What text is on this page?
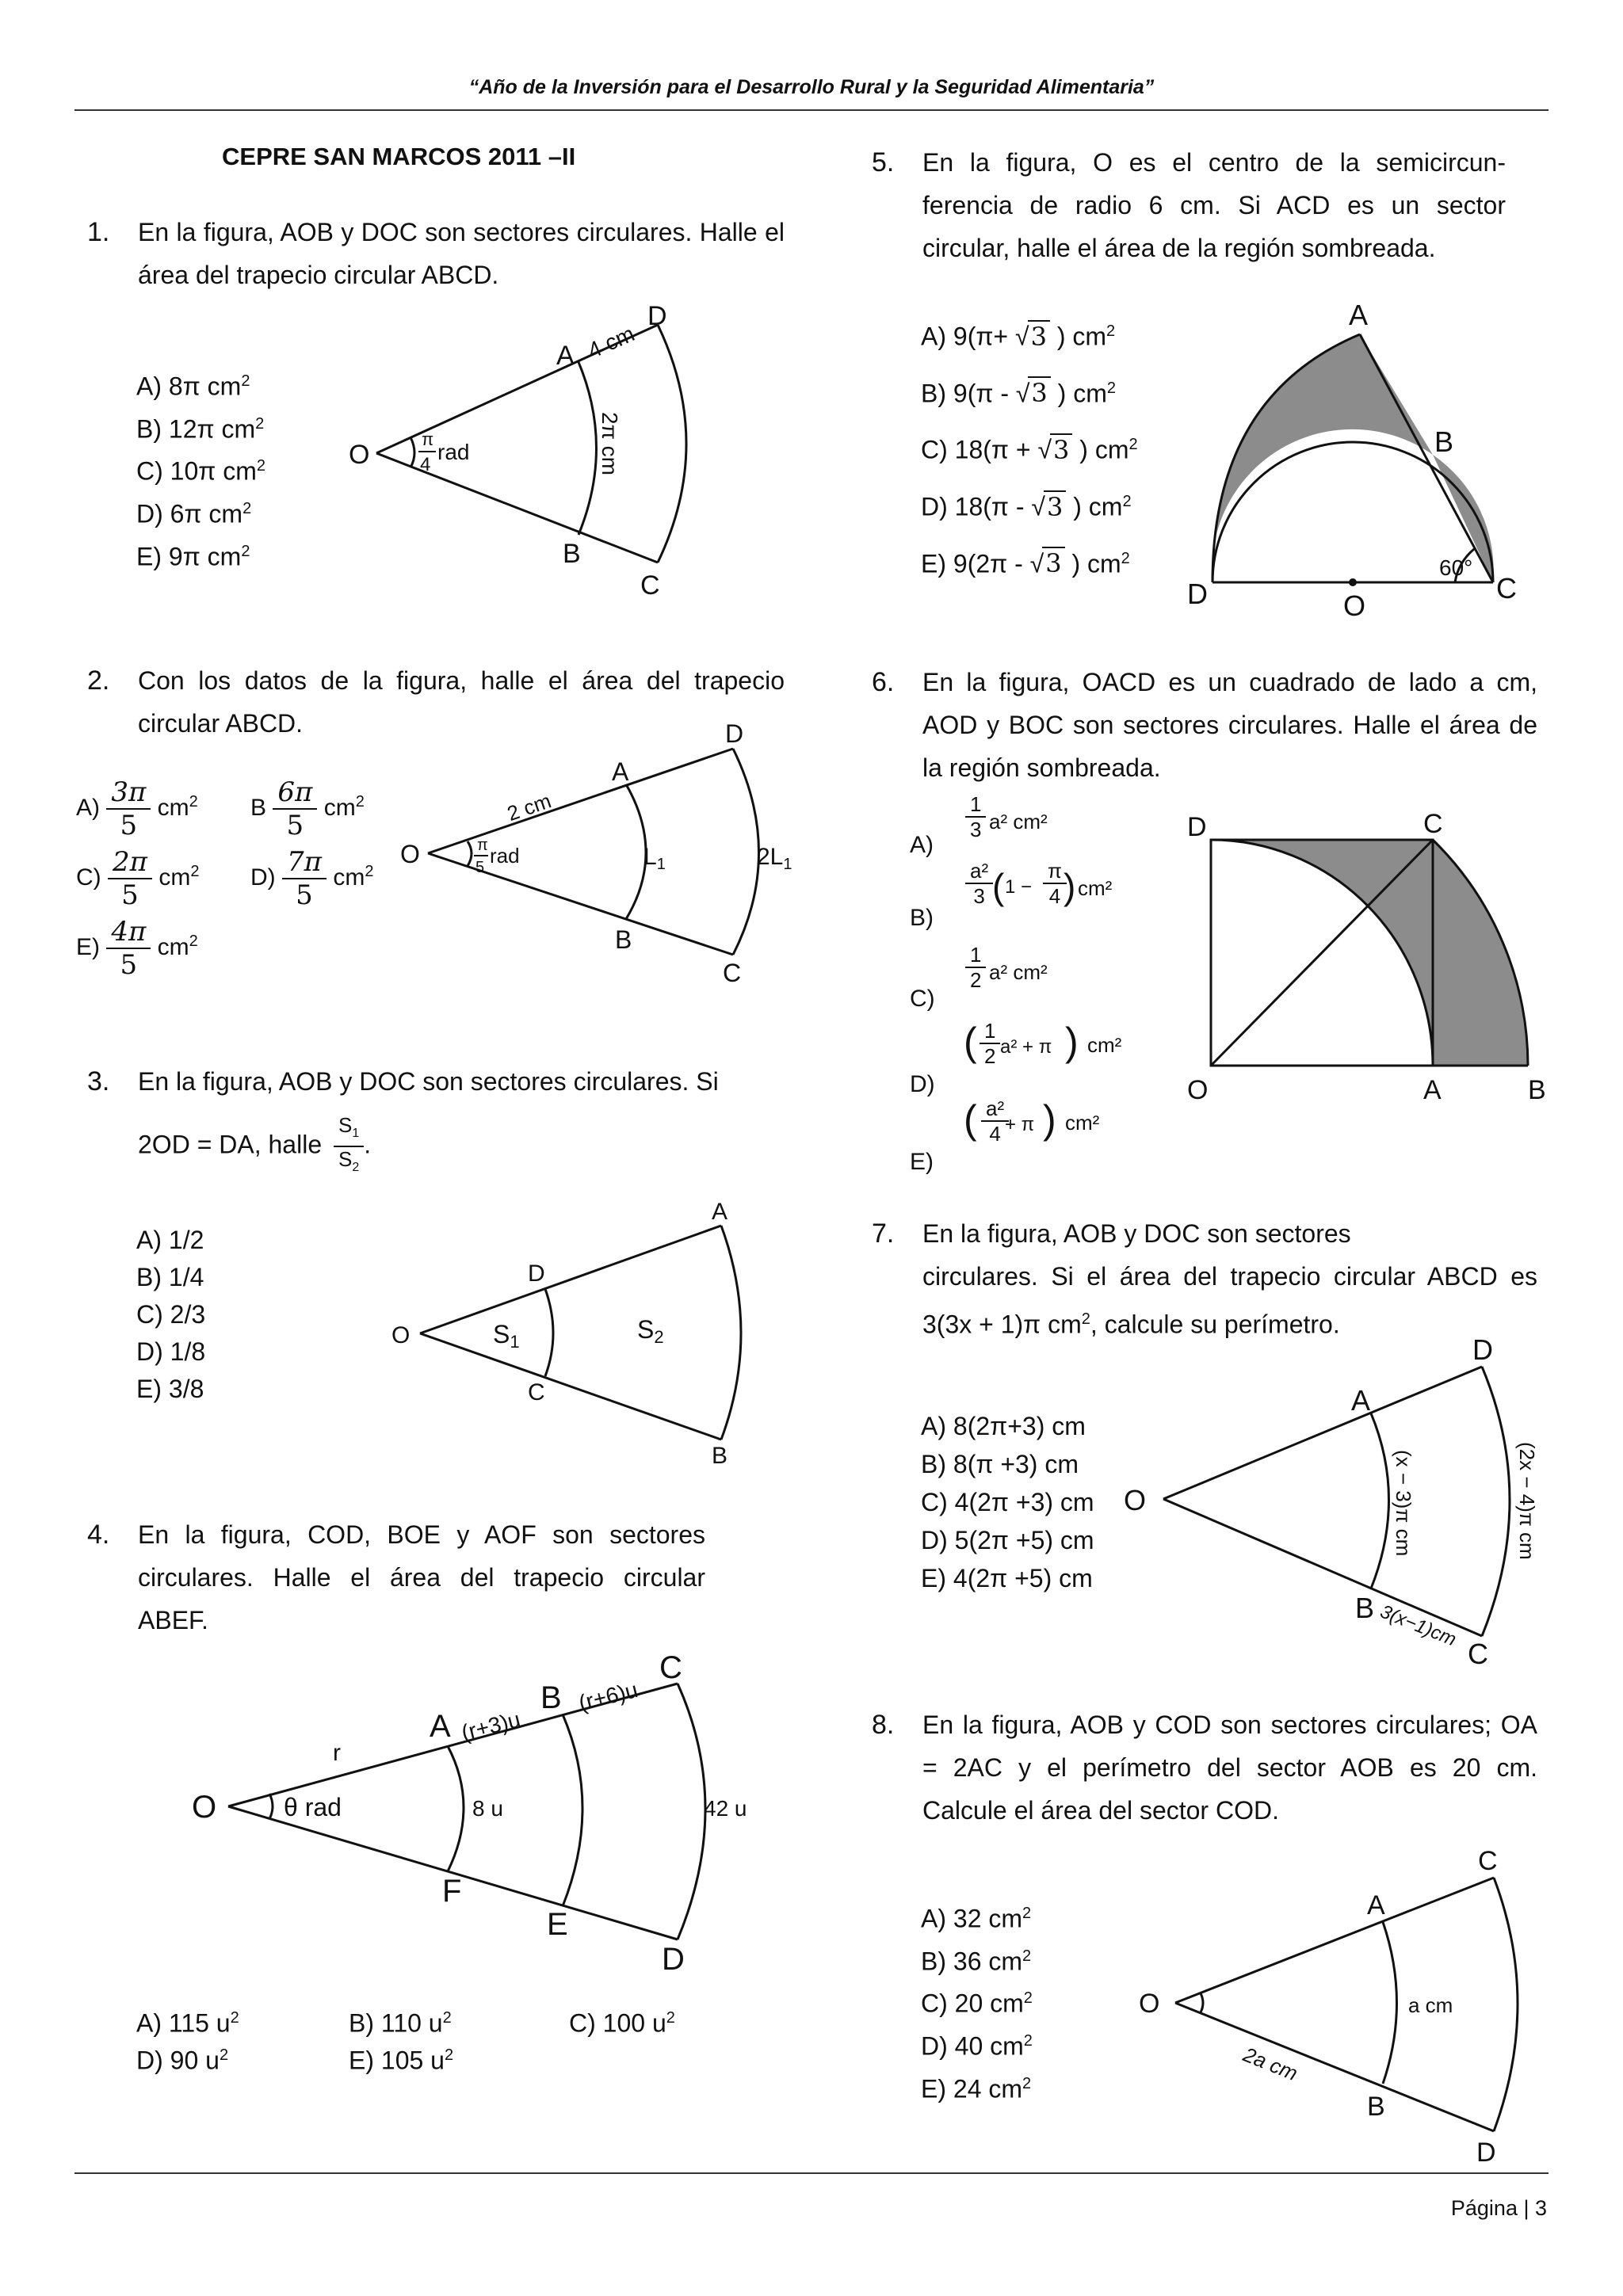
“Año de la Inversión para el Desarrollo Rural y la Seguridad Alimentaria”
CEPRE SAN MARCOS 2011 –II
1. En la figura, AOB y DOC son sectores circulares. Halle el área del trapecio circular ABCD.
A) 8π $cm^2$
B) 12π $cm^2$
C) 10π $cm^2$
D) 6π $cm^2$
E) 9π $cm^2$
O
A
D
B
C
4 cm
2π cm
π
4
rad
2. Con los datos de la figura, halle el área del trapecio circular ABCD.
$A) \frac{3\pi}{5} cm^2$ B $\frac{6\pi}{5} cm^2$
$C) \frac{2\pi}{5} cm^2$ $D) \frac{7\pi}{5} cm^2$
$E) \frac{4\pi}{5} cm^2$
O
A
D
B
C
2 cm
π
5 rad	$L_1$	$2L_1$
3. En la figura, AOB y DOC son sectores circulares. Si
2OD = DA, halle $\frac{S_1}{S_2}$ .
A) 1/2
B) 1/4
C) 2/3
D) 1/8
E) 3/8
O
A
D
C
B
S1	S2
4. En la figura, COD, BOE y AOF son sectores circulares. Halle el área del trapecio circular ABEF.
O
A
B
C
F
E
D
r
θ rad
(r+3)u
(r+6)u
8 u	42 u
A) 115 $u^2$	B) 110 $u^2$	C) 100 $u^2$
D) 90 $u^2$	E) 105 $u^2$
5. En la figura, O es el centro de la semicircun-ferencia de radio 6 cm. Si ACD es un sector circular, halle el área de la región sombreada.
A) 9(π+ √3 ) $cm^2$
B) 9(π - √3 ) $cm^2$
C) 18(π + √3 ) $cm^2$
D) 18(π - √3 ) $cm^2$
E) 9(2π - √3 ) $cm^2$
A
B
C
D	O
60°
6. En la figura, OACD es un cuadrado de lado a cm, AOD y BOC son sectores circulares. Halle el área de la región sombreada.
A)
$\frac{1}{3} a^2$ cm²
B)
$\frac{\text{a²}}{3}$
( $1 - \frac{\pi}{4}$
) cm²
C)
$\frac{1}{2} a^2$ cm²
D)
( $\frac{1}{2} a^2 + \pi$ ) cm²
E)
( $\frac{\text{a²}}{4}$
+ π ) cm²
D	C
O	A	B
7. En la figura, AOB y DOC son sectores
circulares. Si el área del trapecio circular ABCD es 3(3x + 1)π $cm^2$, calcule su perímetro.
A) 8(2π+3) cm
B) 8(π +3) cm
C) 4(2π +3) cm
D) 5(2π +5) cm
E) 4(2π +5) cm
O
A
D
B
C
(x − 3)π cm	(2x − 4)π cm
3(x−1)cm
8. En la figura, AOB y COD son sectores circulares; OA = 2AC y el perímetro del sector AOB es 20 cm. Calcule el área del sector COD.
A) 32 $cm^2$
B) 36 $cm^2$
C) 20 $cm^2$
D) 40 $cm^2$
E) 24 $cm^2$
O
A
C
B
D
a cm
2a cm
Página | 3
